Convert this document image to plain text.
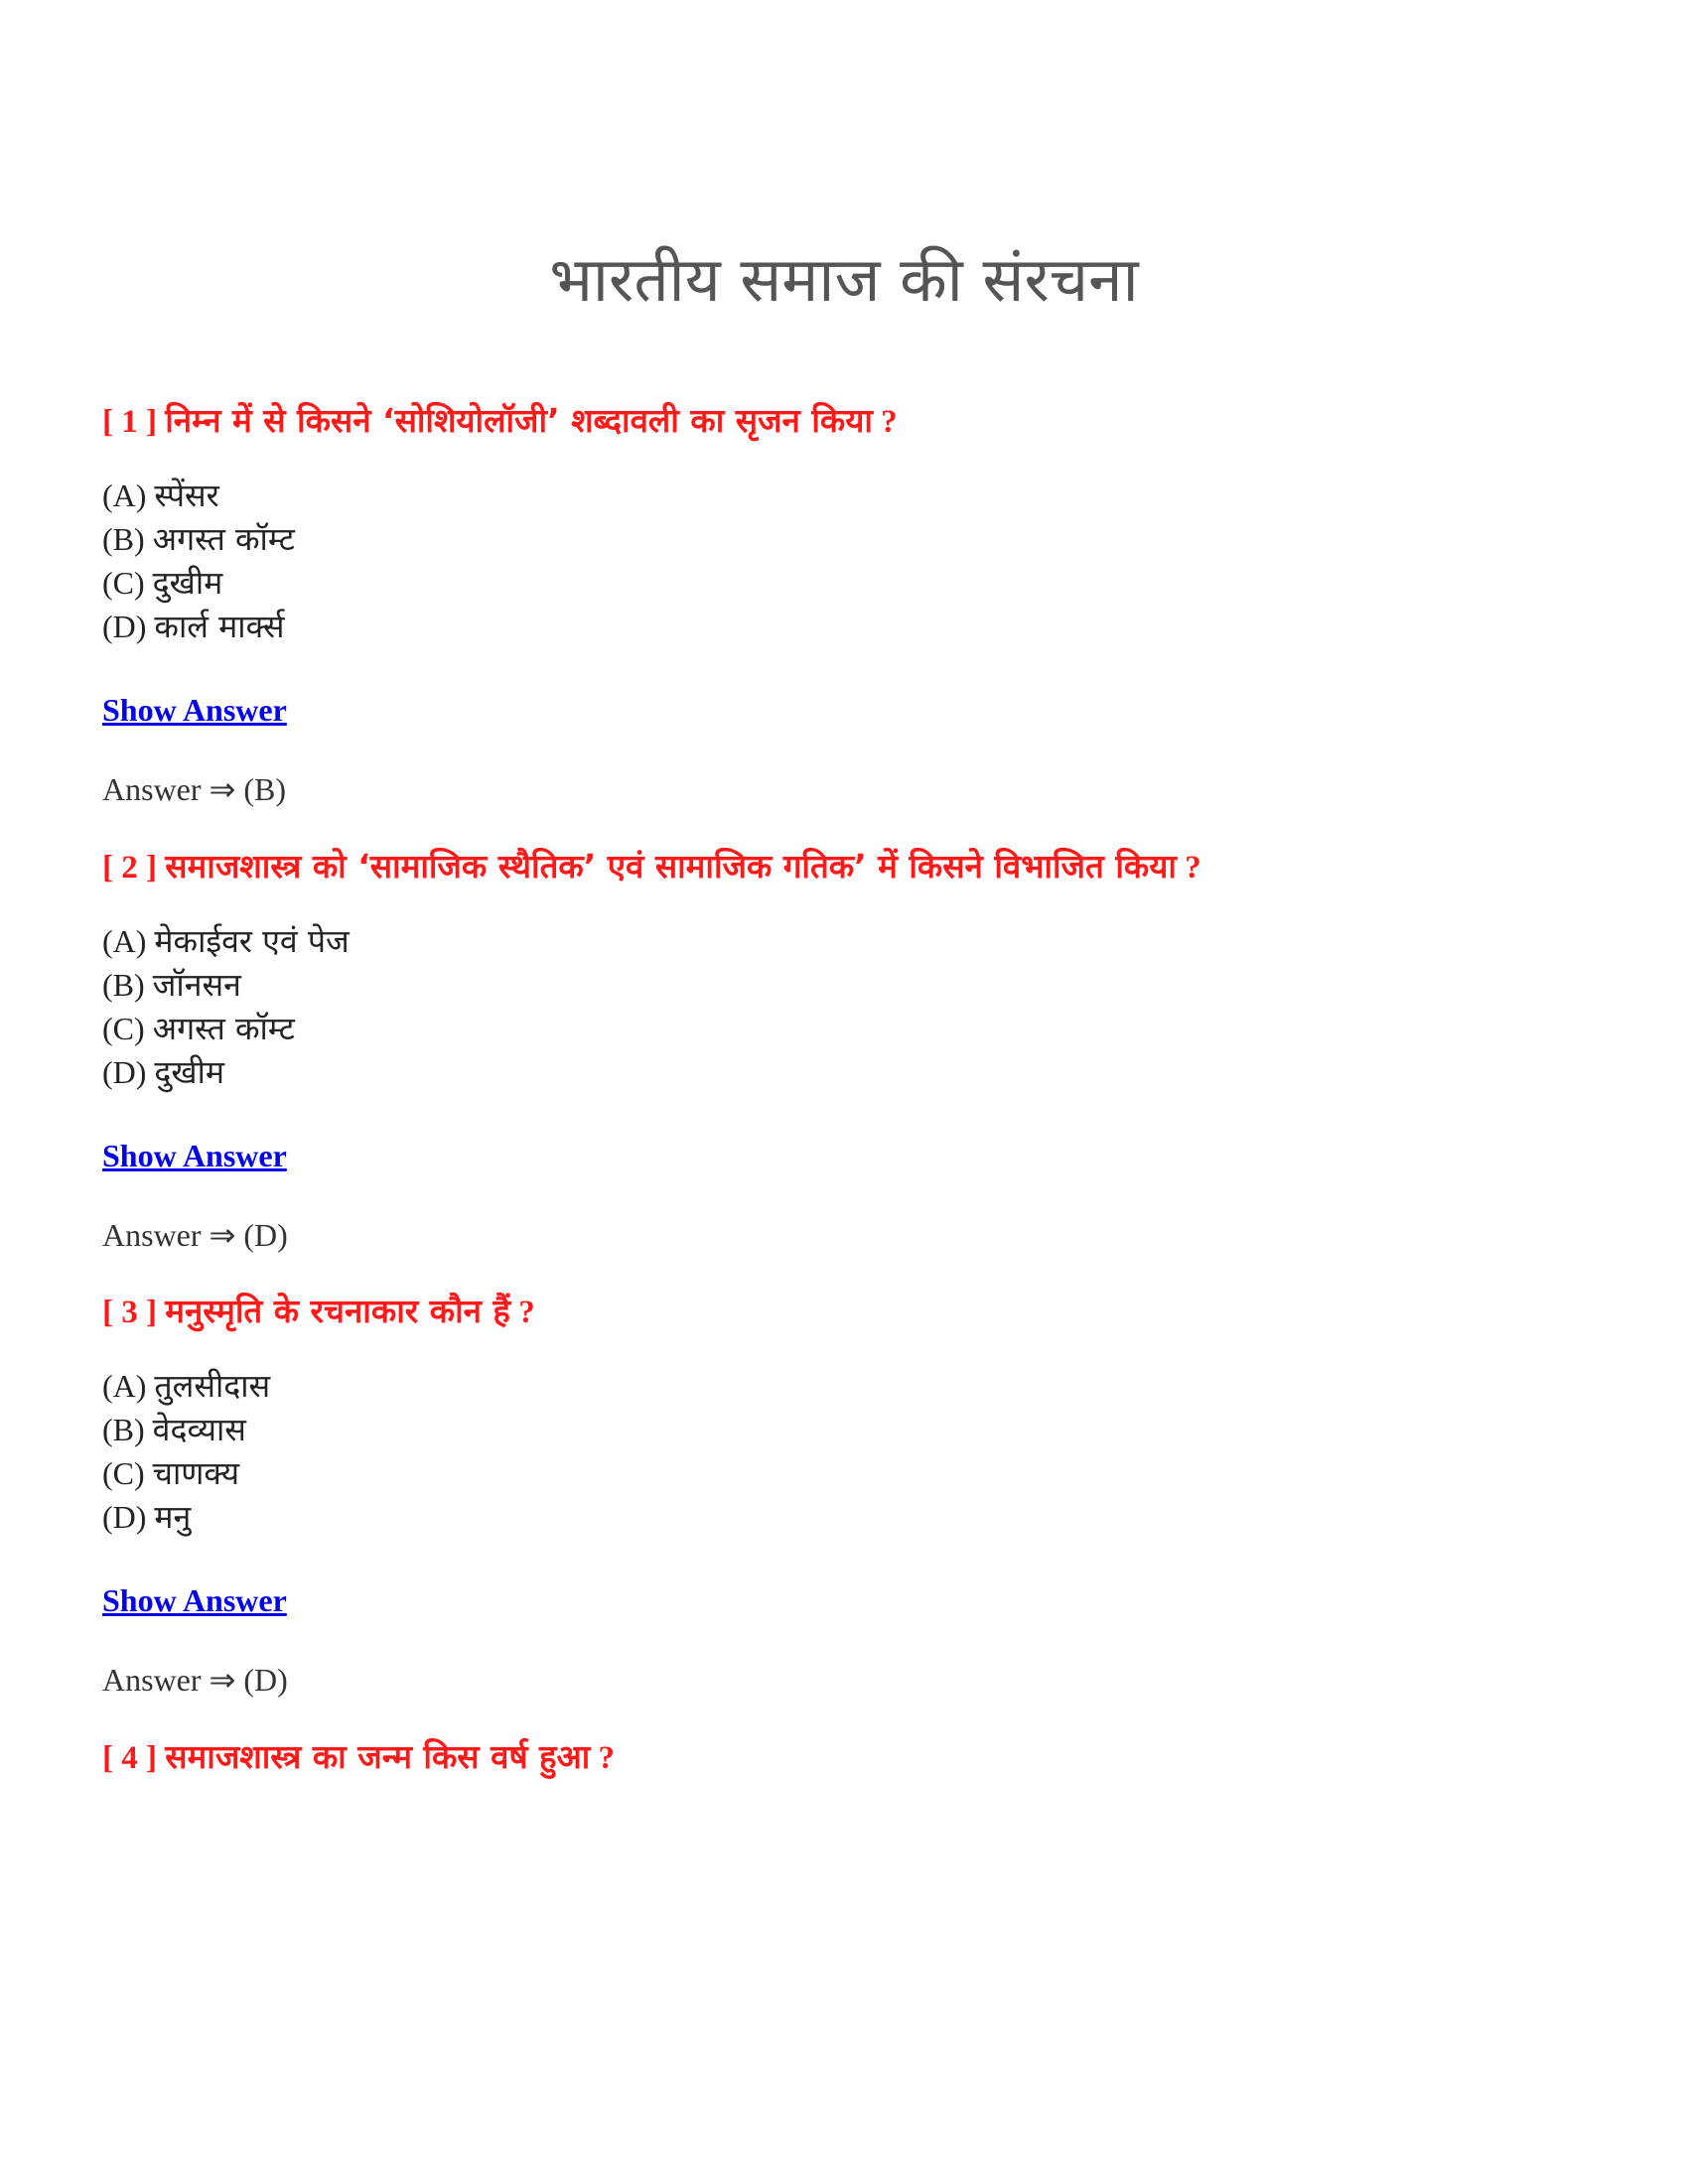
भारतीय समाज की संरचना
[ 1 ] निम्न में से किसने ‘सोशियोलॉजी’ शब्दावली का सृजन किया ?
(A) स्पेंसर
(B) अगस्त कॉम्ट
(C) दुखीम
(D) कार्ल मार्क्स
Show Answer
Answer ⇒ (B)
[ 2 ] समाजशास्त्र को ‘सामाजिक स्थैतिक’ एवं सामाजिक गतिक’ में किसने विभाजित किया ?
(A) मेकाईवर एवं पेज
(B) जॉनसन
(C) अगस्त कॉम्ट
(D) दुखीम
Show Answer
Answer ⇒ (D)
[ 3 ] मनुस्मृति के रचनाकार कौन हैं ?
(A) तुलसीदास
(B) वेदव्यास
(C) चाणक्य
(D) मनु
Show Answer
Answer ⇒ (D)
[ 4 ] समाजशास्त्र का जन्म किस वर्ष हुआ ?
